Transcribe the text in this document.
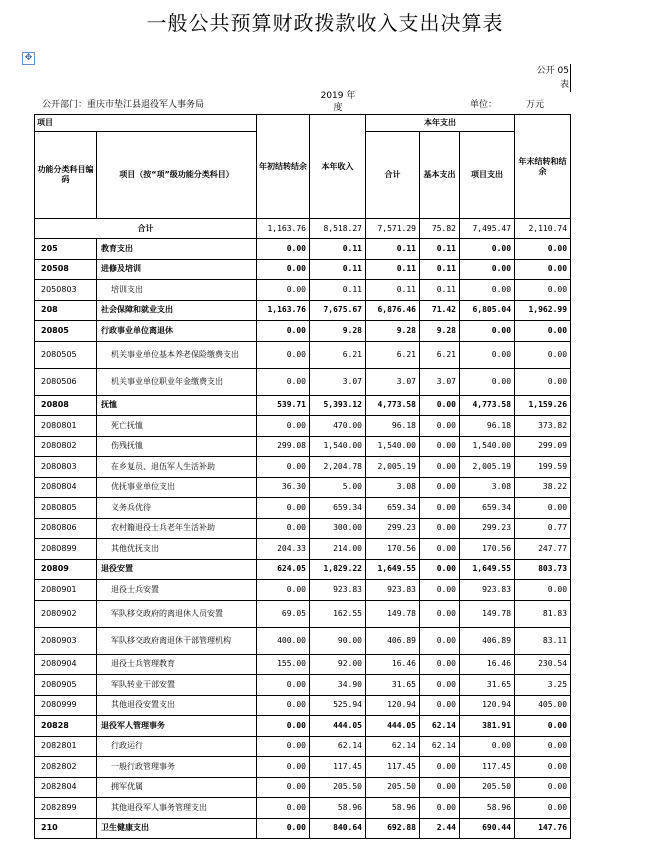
一般公共预算财政拨款收入支出决算表
✥
公开 05 表
公开部门：重庆市垫江县退役军人事务局
2019 年度	单位：	万元
项目		年初结转结余	本年收入	本年支出			年末结转和结余
功能分类科目编码	项目（按“项”级功能分类科目）			合计	基本支出	项目支出	
合计		1,163.76	8,518.27	7,571.29	75.82	7,495.47	2,110.74
205	教育支出	0.00	0.11	0.11	0.11	0.00	0.00
20508	进修及培训	0.00	0.11	0.11	0.11	0.00	0.00
2050803	培训支出	0.00	0.11	0.11	0.11	0.00	0.00
208	社会保障和就业支出	1,163.76	7,675.67	6,876.46	71.42	6,805.04	1,962.99
20805	行政事业单位离退休	0.00	9.28	9.28	9.28	0.00	0.00
2080505	机关事业单位基本养老保险缴费支出	0.00	6.21	6.21	6.21	0.00	0.00
2080506	机关事业单位职业年金缴费支出	0.00	3.07	3.07	3.07	0.00	0.00
20808	抚恤	539.71	5,393.12	4,773.58	0.00	4,773.58	1,159.26
2080801	死亡抚恤	0.00	470.00	96.18	0.00	96.18	373.82
2080802	伤残抚恤	299.08	1,540.00	1,540.00	0.00	1,540.00	299.09
2080803	在乡复员、退伍军人生活补助	0.00	2,204.78	2,005.19	0.00	2,005.19	199.59
2080804	优抚事业单位支出	36.30	5.00	3.08	0.00	3.08	38.22
2080805	义务兵优待	0.00	659.34	659.34	0.00	659.34	0.00
2080806	农村籍退役士兵老年生活补助	0.00	300.00	299.23	0.00	299.23	0.77
2080899	其他优抚支出	204.33	214.00	170.56	0.00	170.56	247.77
20809	退役安置	624.05	1,829.22	1,649.55	0.00	1,649.55	803.73
2080901	退役士兵安置	0.00	923.83	923.83	0.00	923.83	0.00
2080902	军队移交政府的离退休人员安置	69.05	162.55	149.78	0.00	149.78	81.83
2080903	军队移交政府离退休干部管理机构	400.00	90.00	406.89	0.00	406.89	83.11
2080904	退役士兵管理教育	155.00	92.00	16.46	0.00	16.46	230.54
2080905	军队转业干部安置	0.00	34.90	31.65	0.00	31.65	3.25
2080999	其他退役安置支出	0.00	525.94	120.94	0.00	120.94	405.00
20828	退役军人管理事务	0.00	444.05	444.05	62.14	381.91	0.00
2082801	行政运行	0.00	62.14	62.14	62.14	0.00	0.00
2082802	一般行政管理事务	0.00	117.45	117.45	0.00	117.45	0.00
2082804	拥军优属	0.00	205.50	205.50	0.00	205.50	0.00
2082899	其他退役军人事务管理支出	0.00	58.96	58.96	0.00	58.96	0.00
210	卫生健康支出	0.00	840.64	692.88	2.44	690.44	147.76
